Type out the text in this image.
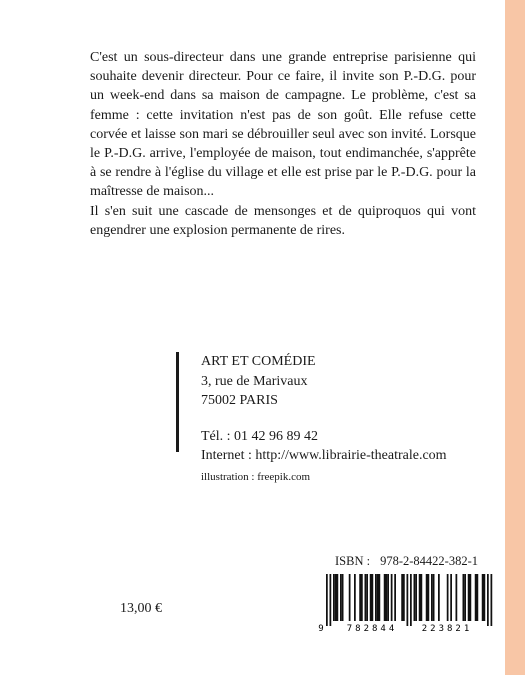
C'est un sous-directeur dans une grande entreprise parisienne qui souhaite devenir directeur. Pour ce faire, il invite son P.-D.G. pour un week-end dans sa maison de campagne. Le problème, c'est sa femme : cette invitation n'est pas de son goût. Elle refuse cette corvée et laisse son mari se débrouiller seul avec son invité. Lorsque le P.-D.G. arrive, l'employée de maison, tout endimanchée, s'apprête à se rendre à l'église du village et elle est prise par le P.-D.G. pour la maîtresse de maison...

Il s'en suit une cascade de mensonges et de quiproquos qui vont engendrer une explosion permanente de rires.

ART ET COMÉDIE
3, rue de Marivaux
75002 PARIS
Tél. : 01 42 96 89 42
Internet : http://www.librairie-theatrale.com
illustration : freepik.com
ISBN : 978-2-84422-382-1
9	782844	223821
13,00 €
